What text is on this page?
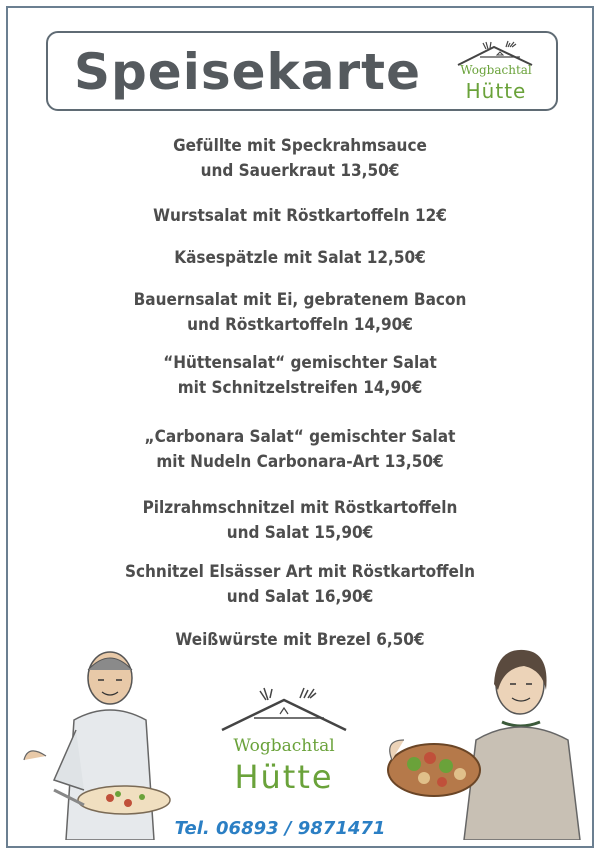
Speisekarte	Wogbachtal
Hütte
Gefüllte mit Speckrahmsauce
und Sauerkraut 13,50€
Wurstsalat mit Röstkartoffeln 12€
Käsespätzle mit Salat 12,50€
Bauernsalat mit Ei, gebratenem Bacon
und Röstkartoffeln 14,90€
“Hüttensalat“ gemischter Salat
mit Schnitzelstreifen 14,90€
„Carbonara Salat“ gemischter Salat
mit Nudeln Carbonara-Art 13,50€
Pilzrahmschnitzel mit Röstkartoffeln
und Salat 15,90€
Schnitzel Elsässer Art mit Röstkartoffeln
und Salat 16,90€
Weißwürste mit Brezel 6,50€
Wogbachtal
Hütte
Tel. 06893 / 9871471
